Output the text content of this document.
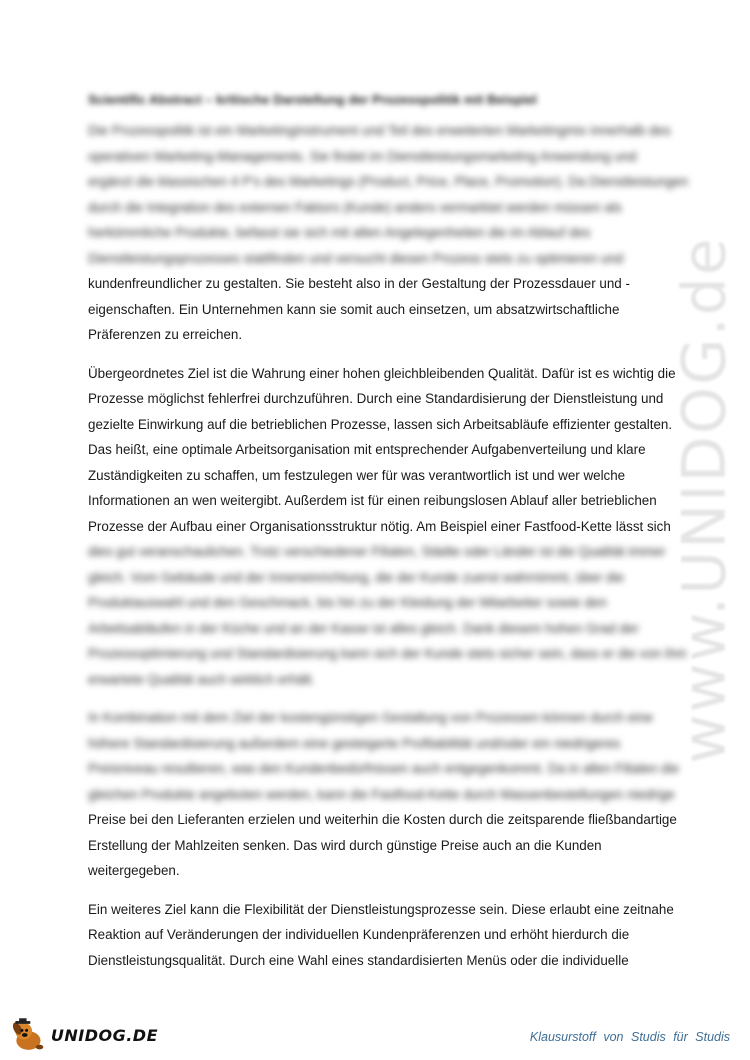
www.UNIDOG.de
Scientific Abstract – kritische Darstellung der Prozesspolitik mit Beispiel
Die Prozesspolitik ist ein Marketinginstrument und Teil des erweiterten Marketingmix innerhalb des
operativen Marketing-Managements. Sie findet im Dienstleistungsmarketing Anwendung und
ergänzt die klassischen 4 P's des Marketings (Product, Price, Place, Promotion). Da Dienstleistungen
durch die Integration des externen Faktors (Kunde) anders vermarktet werden müssen als
herkömmliche Produkte, befasst sie sich mit allen Angelegenheiten die im Ablauf des
Dienstleistungsprozesses stattfinden und versucht diesen Prozess stets zu optimieren und
kundenfreundlicher zu gestalten. Sie besteht also in der Gestaltung der Prozessdauer und -
eigenschaften. Ein Unternehmen kann sie somit auch einsetzen, um absatzwirtschaftliche
Präferenzen zu erreichen.
Übergeordnetes Ziel ist die Wahrung einer hohen gleichbleibenden Qualität. Dafür ist es wichtig die
Prozesse möglichst fehlerfrei durchzuführen. Durch eine Standardisierung der Dienstleistung und
gezielte Einwirkung auf die betrieblichen Prozesse, lassen sich Arbeitsabläufe effizienter gestalten.
Das heißt, eine optimale Arbeitsorganisation mit entsprechender Aufgabenverteilung und klare
Zuständigkeiten zu schaffen, um festzulegen wer für was verantwortlich ist und wer welche
Informationen an wen weitergibt. Außerdem ist für einen reibungslosen Ablauf aller betrieblichen
Prozesse der Aufbau einer Organisationsstruktur nötig. Am Beispiel einer Fastfood-Kette lässt sich
dies gut veranschaulichen. Trotz verschiedener Filialen, Städte oder Länder ist die Qualität immer
gleich. Vom Gebäude und der Inneneinrichtung, die der Kunde zuerst wahrnimmt, über die
Produktauswahl und den Geschmack, bis hin zu der Kleidung der Mitarbeiter sowie den
Arbeitsabläufen in der Küche und an der Kasse ist alles gleich. Dank diesem hohen Grad der
Prozessoptimierung und Standardisierung kann sich der Kunde stets sicher sein, dass er die von ihm
erwartete Qualität auch wirklich erhält.
In Kombination mit dem Ziel der kostengünstigen Gestaltung von Prozessen können durch eine
höhere Standardisierung außerdem eine gesteigerte Profitabilität und/oder ein niedrigeres
Preisniveau resultieren, was den Kundenbedürfnissen auch entgegenkommt. Da in allen Filialen die
gleichen Produkte angeboten werden, kann die Fastfood-Kette durch Massenbestellungen niedrige
Preise bei den Lieferanten erzielen und weiterhin die Kosten durch die zeitsparende fließbandartige
Erstellung der Mahlzeiten senken. Das wird durch günstige Preise auch an die Kunden
weitergegeben.
Ein weiteres Ziel kann die Flexibilität der Dienstleistungsprozesse sein. Diese erlaubt eine zeitnahe
Reaktion auf Veränderungen der individuellen Kundenpräferenzen und erhöht hierdurch die
Dienstleistungsqualität. Durch eine Wahl eines standardisierten Menüs oder die individuelle
UNIDOG.DE	Klausurstoff von Studis für Studis
